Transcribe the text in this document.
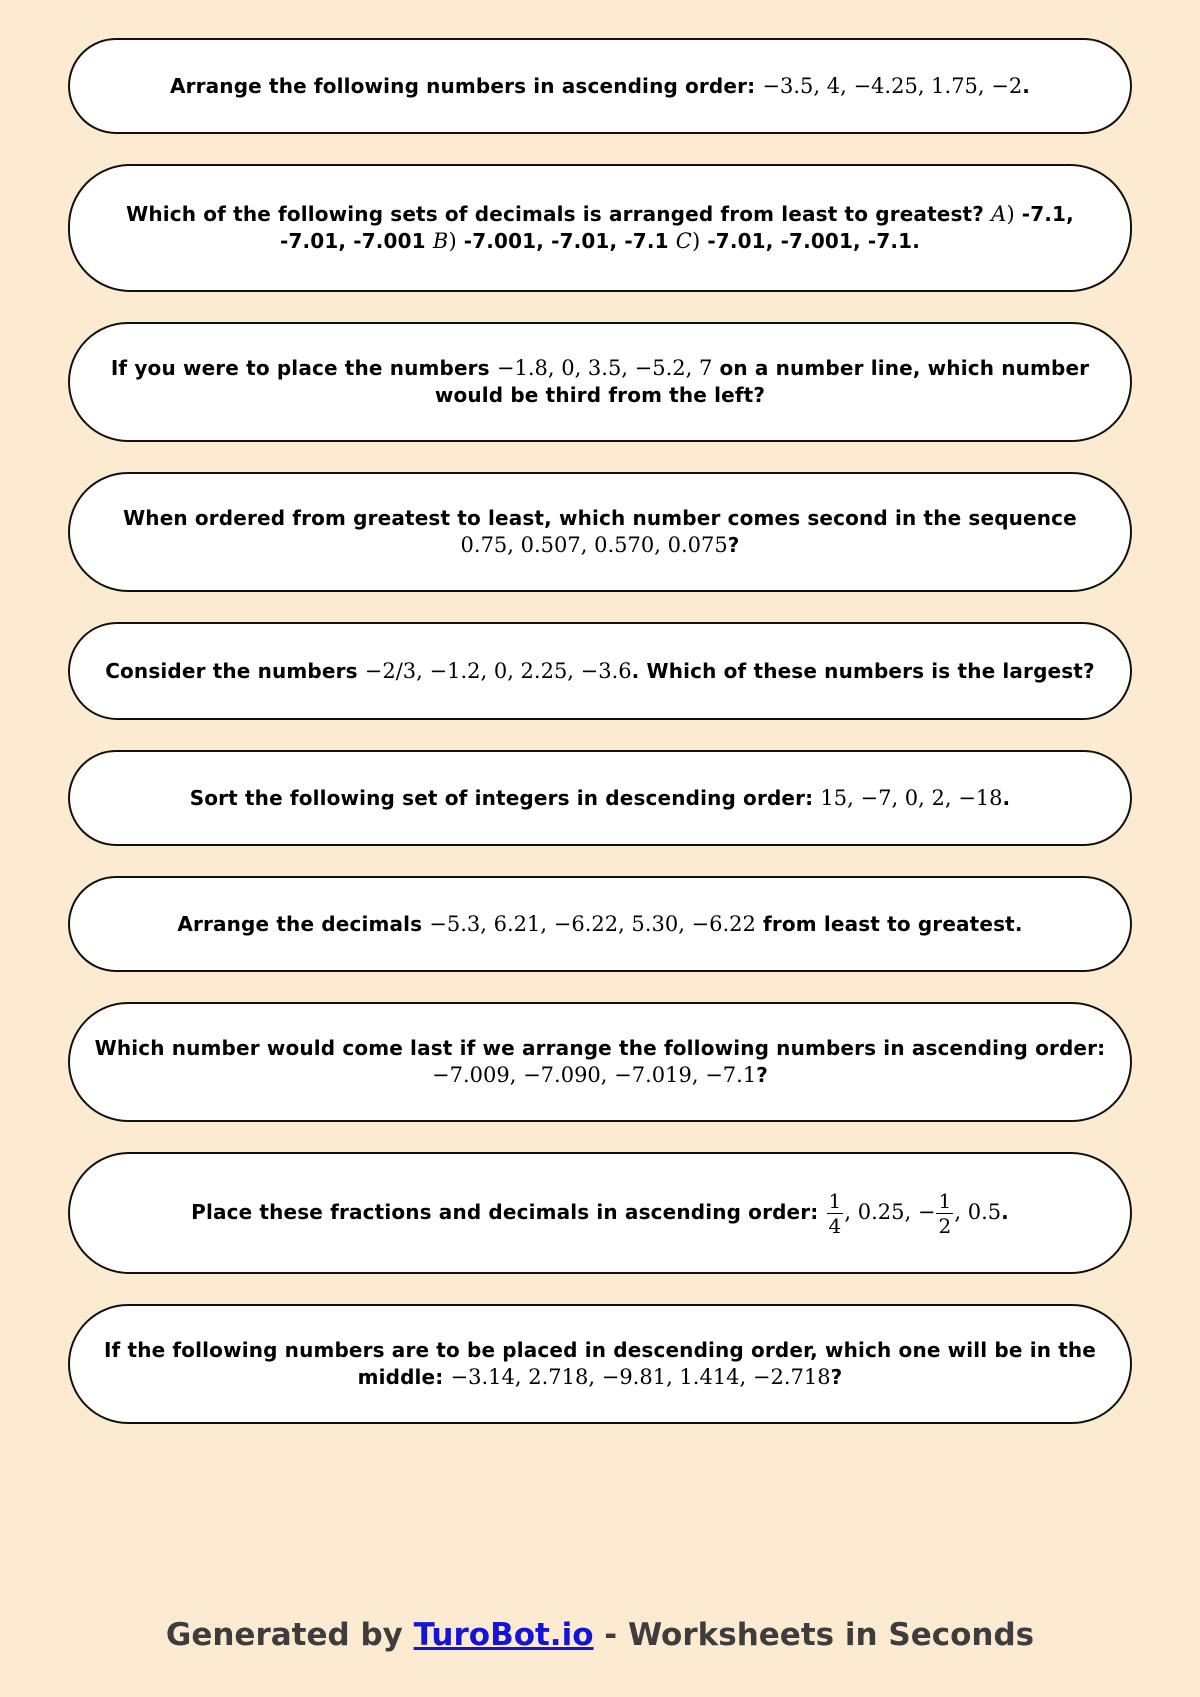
Arrange the following numbers in ascending order: −3.5, 4, −4.25, 1.75, −2.
Which of the following sets of decimals is arranged from least to greatest? A) -7.1, -7.01, -7.001 B) -7.001, -7.01, -7.1 C) -7.01, -7.001, -7.1.
If you were to place the numbers −1.8, 0, 3.5, −5.2, 7 on a number line, which number would be third from the left?
When ordered from greatest to least, which number comes second in the sequence 0.75, 0.507, 0.570, 0.075?
Consider the numbers −2/3, −1.2, 0, 2.25, −3.6. Which of these numbers is the largest?
Sort the following set of integers in descending order: 15, −7, 0, 2, −18.
Arrange the decimals −5.3, 6.21, −6.22, 5.30, −6.22 from least to greatest.
Which number would come last if we arrange the following numbers in ascending order: −7.009, −7.090, −7.019, −7.1?
Place these fractions and decimals in ascending order: $\frac{1}{4}$ , 0.25, − $\frac{1}{2}$ , 0.5.
If the following numbers are to be placed in descending order, which one will be in the middle: −3.14, 2.718, −9.81, 1.414, −2.718?
Generated by TuroBot.io - Worksheets in Seconds
